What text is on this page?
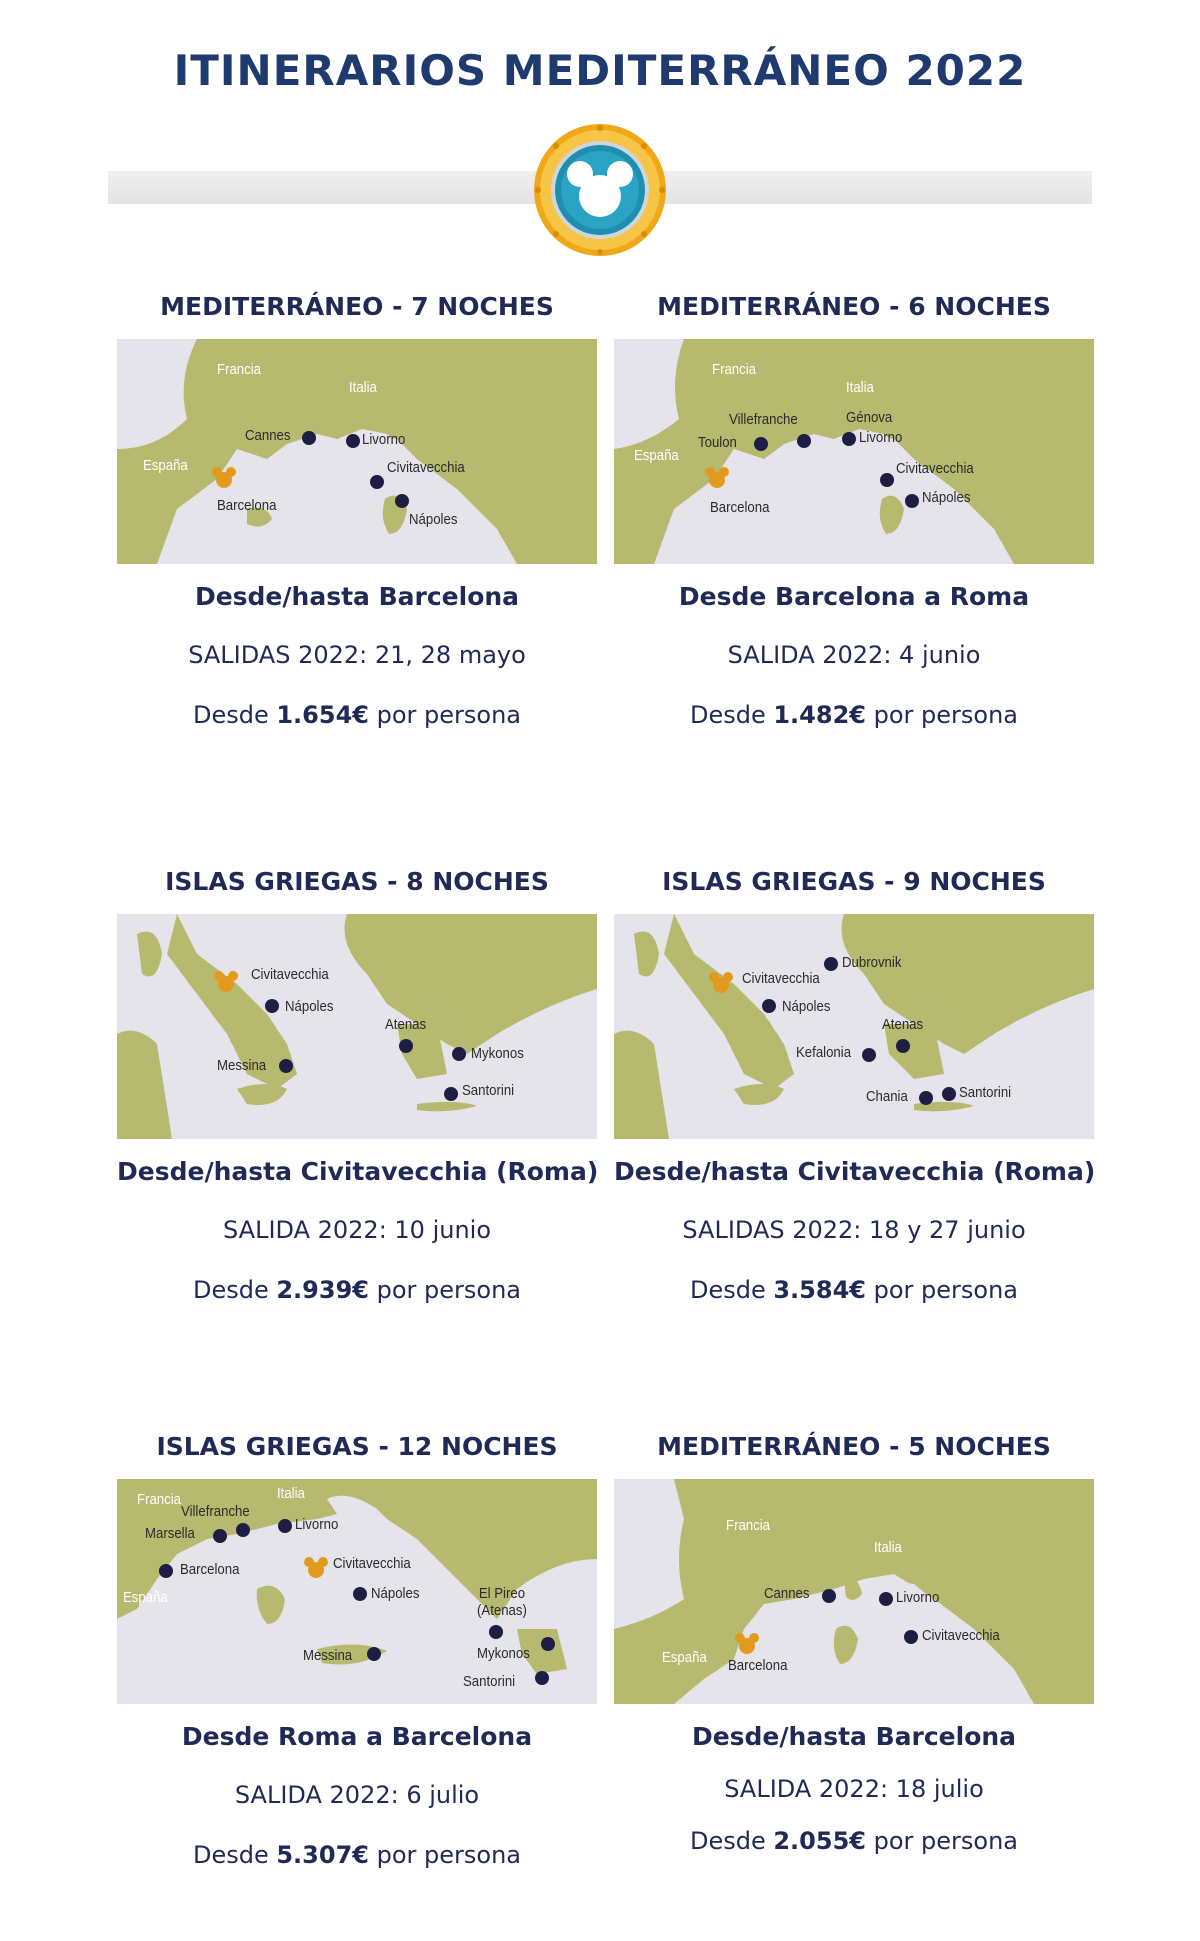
ITINERARIOS MEDITERRÁNEO 2022
MEDITERRÁNEO - 7 NOCHES
Francia
Italia
España
Cannes	Livorno
Civitavecchia
Nápoles
Barcelona
Desde/hasta Barcelona
SALIDAS 2022: 21, 28 mayo
Desde 1.654€ por persona
MEDITERRÁNEO - 6 NOCHES
Francia
Italia
España
Villefranche
Toulon
Génova
Livorno
Civitavecchia
Nápoles
Barcelona
Desde Barcelona a Roma
SALIDA 2022: 4 junio
Desde 1.482€ por persona
ISLAS GRIEGAS - 8 NOCHES
Civitavecchia
Nápoles
Atenas
Mykonos
Messina
Santorini
Desde/hasta Civitavecchia (Roma)
SALIDA 2022: 10 junio
Desde 2.939€ por persona
ISLAS GRIEGAS - 9 NOCHES
Dubrovnik
Civitavecchia
Nápoles
Atenas
Kefalonia
Chania	Santorini
Desde/hasta Civitavecchia (Roma)
SALIDAS 2022: 18 y 27 junio
Desde 3.584€ por persona
ISLAS GRIEGAS - 12 NOCHES
Francia	Italia
España
Villefranche
Marsella
Livorno
Barcelona	Civitavecchia
Nápoles	El Pireo
(Atenas)
Messina	Mykonos
Santorini
Desde Roma a Barcelona
SALIDA 2022: 6 julio
Desde 5.307€ por persona
MEDITERRÁNEO - 5 NOCHES
Francia
Italia
España
Cannes	Livorno
Civitavecchia
Barcelona
Desde/hasta Barcelona
SALIDA 2022: 18 julio
Desde 2.055€ por persona
